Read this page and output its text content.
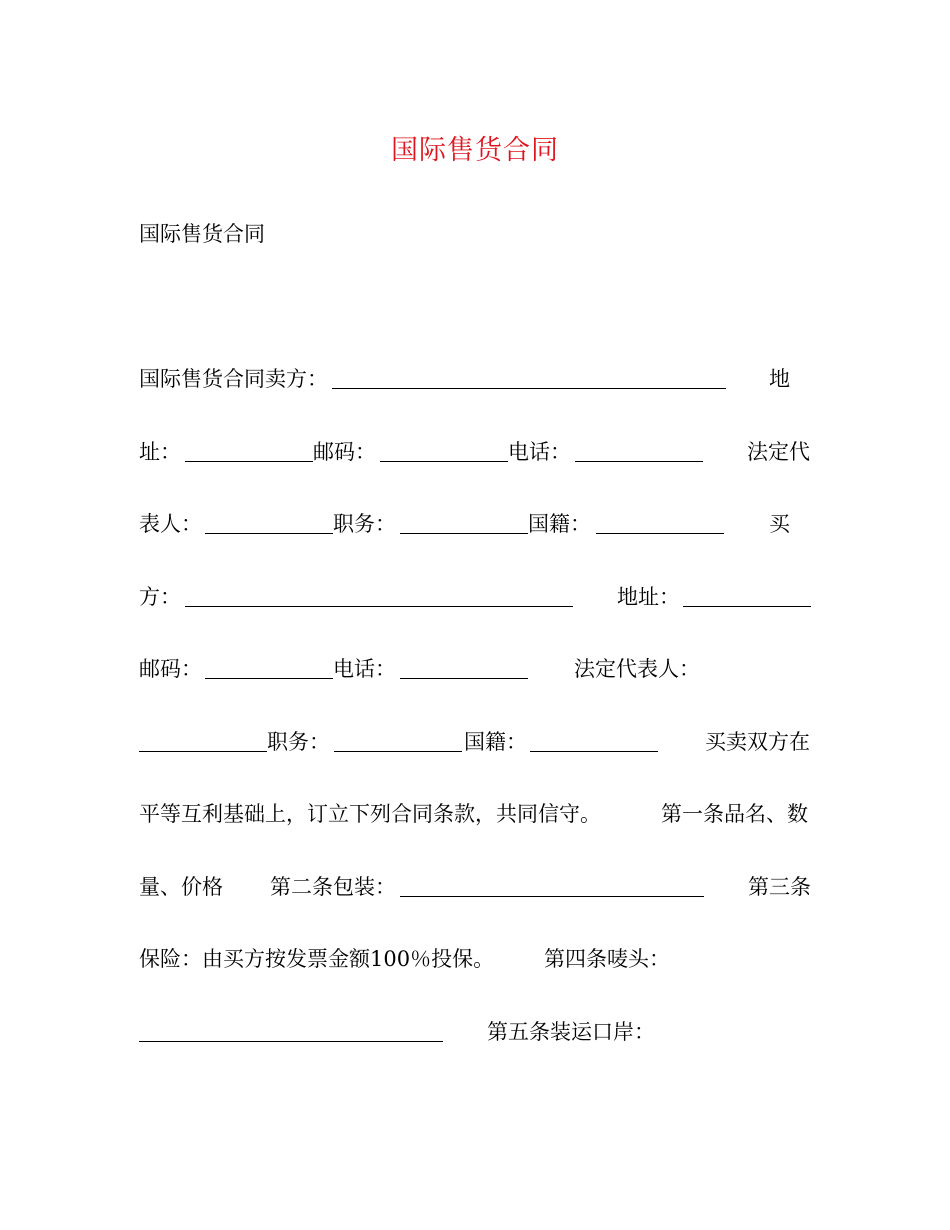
国际售货合同
国际售货合同
国际售货合同卖方：	地
址：	邮码：	电话：	法定代
表人：	职务：	国籍：	买
方：	地址：
邮码：	电话：	法定代表人：
职务：	国籍：	买卖双方在
平等互利基础上，订立下列合同条款，共同信守。	第一条品名、数
量、价格 第二条包装：	第三条
保险：由买方按发票金额100％投保。 第四条唛头：
第五条装运口岸：
